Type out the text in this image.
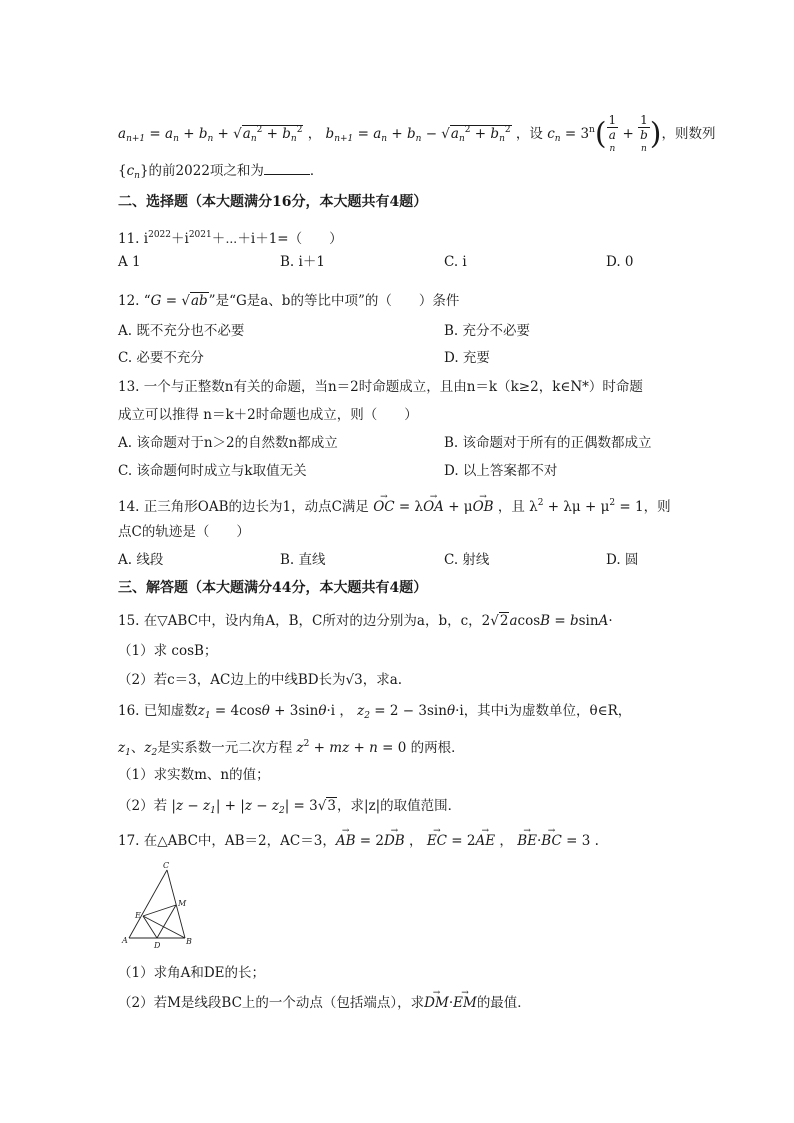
$a_{n+1} = a_n + b_n + √a_n^2 + b_n^2$ ， $b_{n+1} = a_n + b_n - √a_n^2 + b_n^2$ ，设 $c_n = 3^n$( 1
a
n + 1
b
n )，则数列
$\{c_n\}$的前2022项之和为	．
二、选择题（本大题满分16分，本大题共有4题）
11. $i^{2022}+i^{2021}+\cdots+i+1=$（　　）
A 1	B. i＋1	C. i	D. 0
12. “G = √ab”是“G是a、b的等比中项”的（　　）条件
A. 既不充分也不必要	B. 充分不必要
C. 必要不充分	D. 充要
13. 一个与正整数n有关的命题，当n＝2时命题成立，且由n＝k（k≥2，k∈N*）时命题
成立可以推得 n＝k＋2时命题也成立，则（　　）
A. 该命题对于n＞2的自然数n都成立	B. 该命题对于所有的正偶数都成立
C. 该命题何时成立与k取值无关	D. 以上答案都不对
14. 正三角形OAB的边长为1，动点C满足 → OC = λ→ OA + μ→ OB ，且 $\lambda^2 + \lambda\mu + \mu^2 = 1$，则
点C的轨迹是（　　）
A. 线段	B. 直线	C. 射线	D. 圆
三、解答题（本大题满分44分，本大题共有4题）
15. 在▽ABC中，设内角A，B，C所对的边分别为a，b，c，2√2acosB = bsinA·
（1）求 cosB；
（2）若c＝3，AC边上的中线BD长为√3，求a.
16. 已知虚数$z_1 = 4\cos\theta + 3\sin\theta\cdot i$ ， $z_2 = 2 - 3\sin\theta\cdot i$，其中i为虚数单位，θ∈R，
$z_1$、$z_2$是实系数一元二次方程 $z^2$ + mz + n = 0 的两根．
（1）求实数m、n的值；
（2）若 $|z - z_1| + |z - z_2| = 3√3$，求|z|的取值范围．
17. 在△ABC中，AB＝2，AC＝3，→ AB = 2→ DB ， → EC = 2→ AE ， → BE·→ BC = 3 .
C
M
E
A
D	B
（1）求角A和DE的长；
（2）若M是线段BC上的一个动点（包括端点），求→ DM·→ EM的最值．
